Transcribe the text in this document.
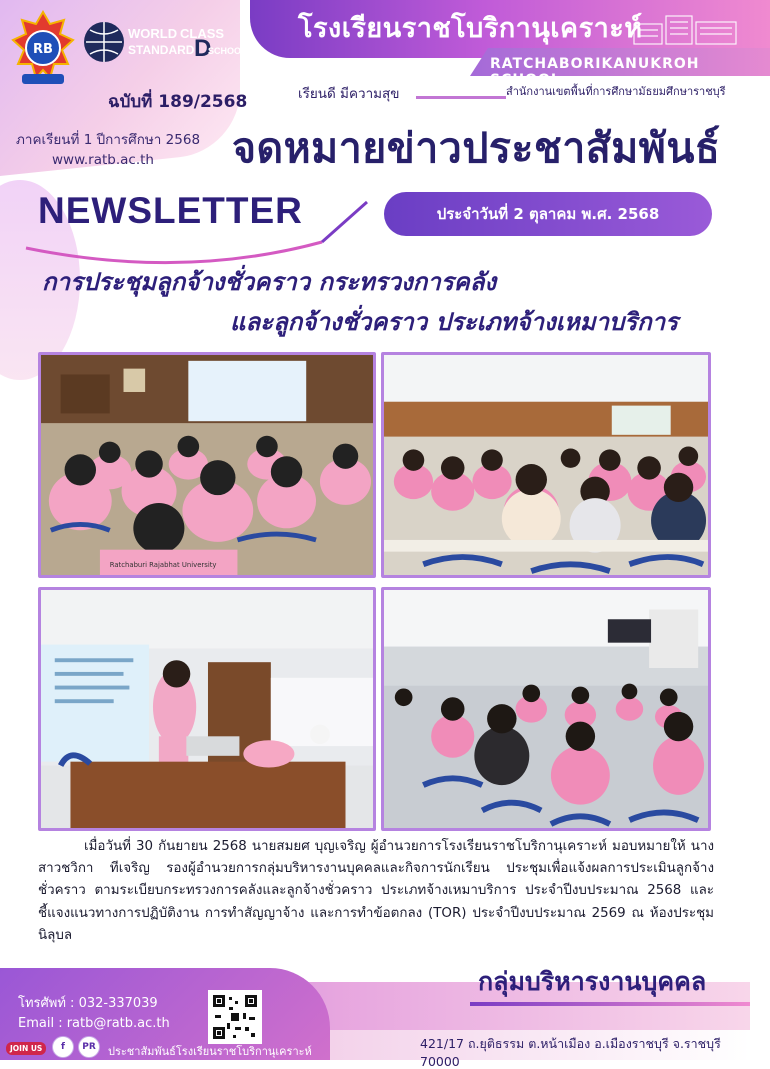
RB
WORLD CLASS
STANDARD D
SCHOOL
ฉบับที่ 189/2568
ภาคเรียนที่ 1 ปีการศึกษา 2568
www.ratb.ac.th
โรงเรียนราชโบริกานุเคราะห์
RATCHABORIKANUKROH SCHOOL
เรียนดี มีความสุข	สำนักงานเขตพื้นที่การศึกษามัธยมศึกษาราชบุรี
จดหมายข่าวประชาสัมพันธ์
NEWSLETTER	ประจำวันที่ 2 ตุลาคม พ.ศ. 2568
การประชุมลูกจ้างชั่วคราว กระทรวงการคลัง
และลูกจ้างชั่วคราว ประเภทจ้างเหมาบริการ
Ratchaburi Rajabhat University
เมื่อวันที่ 30 กันยายน 2568 นายสมยศ บุญเจริญ ผู้อำนวยการโรงเรียนราชโบริกานุเคราะห์ มอบหมายให้ นางสาวชวิกา ทีเจริญ รองผู้อำนวยการกลุ่มบริหารงานบุคคลและกิจการนักเรียน ประชุมเพื่อแจ้งผลการประเมินลูกจ้างชั่วคราว ตามระเบียบกระทรวงการคลังและลูกจ้างชั่วคราว ประเภทจ้างเหมาบริการ ประจำปีงบประมาณ 2568 และชี้แจงแนวทางการปฏิบัติงาน การทำสัญญาจ้าง และการทำข้อตกลง (TOR) ประจำปีงบประมาณ 2569 ณ ห้องประชุมนิลุบล
กลุ่มบริหารงานบุคคล
โทรศัพท์ : 032-337039
Email : ratb@ratb.ac.th
JOIN US	f	PR	ประชาสัมพันธ์โรงเรียนราชโบริกานุเคราะห์
421/17 ถ.ยุติธรรม ต.หน้าเมือง อ.เมืองราชบุรี จ.ราชบุรี 70000
